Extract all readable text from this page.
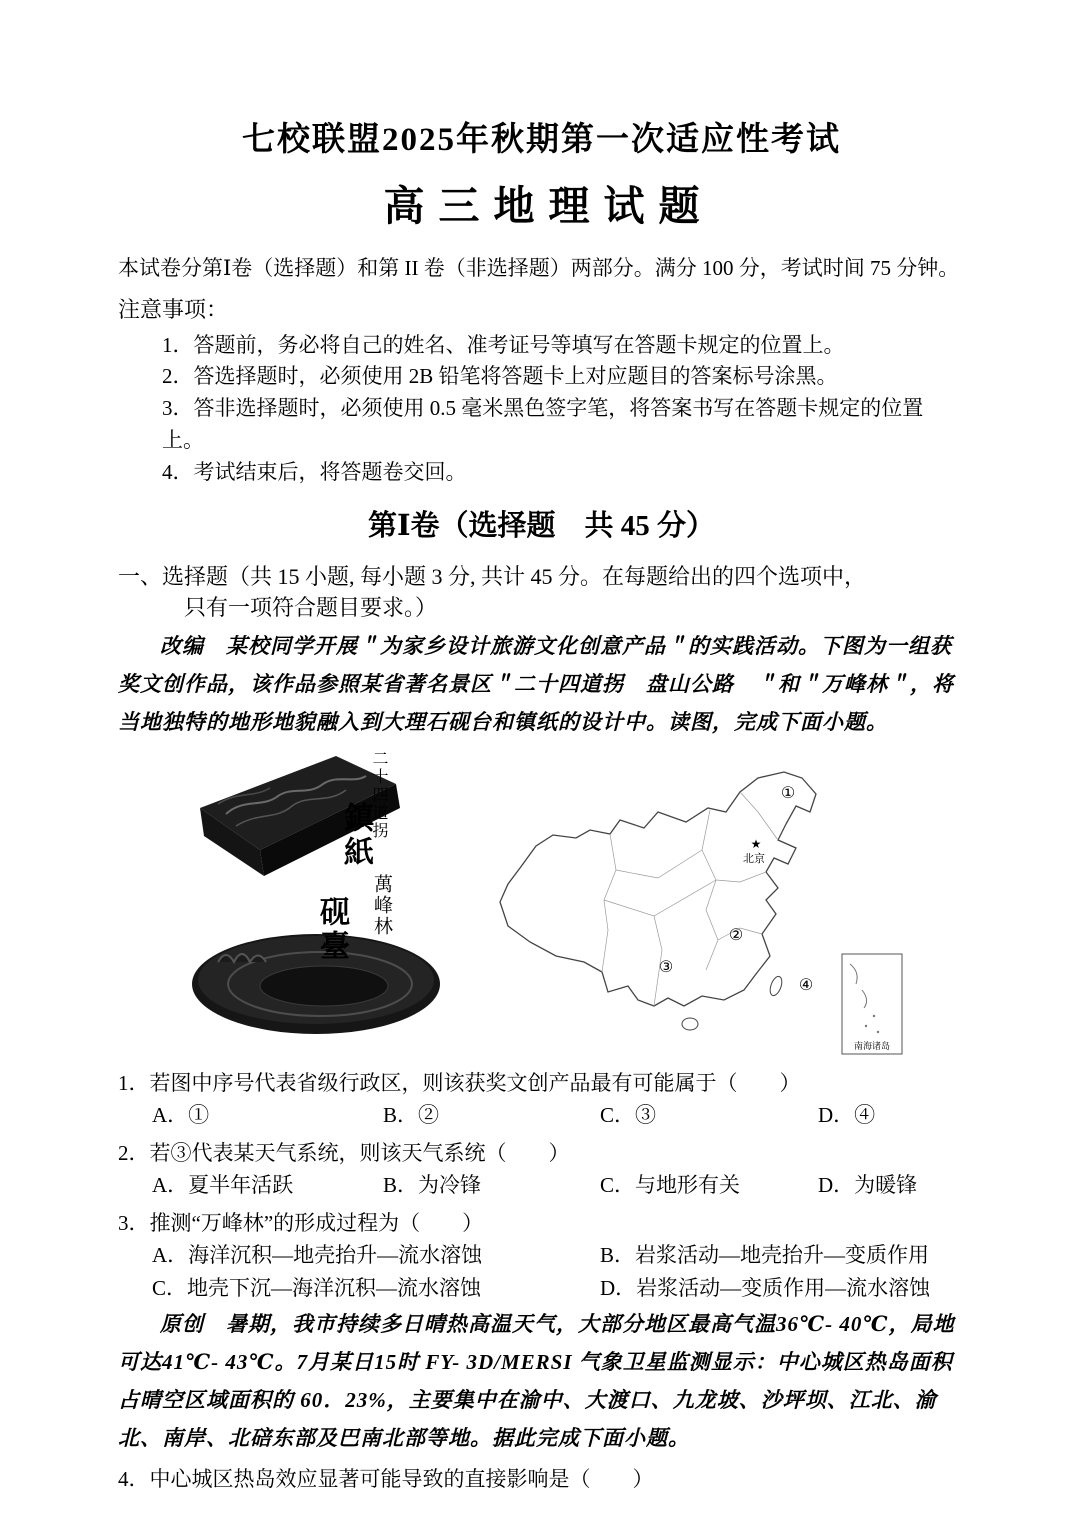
七校联盟2025年秋期第一次适应性考试
高三地理试题

本试卷分第Ⅰ卷（选择题）和第 II 卷（非选择题）两部分。满分 100 分，考试时间 75 分钟。

注意事项：
1．答题前，务必将自己的姓名、准考证号等填写在答题卡规定的位置上。
2．答选择题时，必须使用 2B 铅笔将答题卡上对应题目的答案标号涂黑。
3．答非选择题时，必须使用 0.5 毫米黑色签字笔，将答案书写在答题卡规定的位置上。
4．考试结束后，将答题卷交回。
第Ⅰ卷（选择题　共 45 分）
一、选择题（共 15 小题, 每小题 3 分, 共计 45 分。在每题给出的四个选项中，
只有一项符合题目要求。）

改编　某校同学开展＂为家乡设计旅游文化创意产品＂的实践活动。下图为一组获奖文创作品，该作品参照某省著名景区＂二十四道拐　盘山公路　＂和＂万峰林＂，将当地独特的地形地貌融入到大理石砚台和镇纸的设计中。读图，完成下面小题。

二十四道拐
鎮紙
萬峰林
砚臺
南海诸岛
★
北京
①
②
③
④
1．若图中序号代表省级行政区，则该获奖文创产品最有可能属于（　　）
A．①	B．②	C．③	D．④
2．若③代表某天气系统，则该天气系统（　　）
A．夏半年活跃	B．为冷锋	C．与地形有关	D．为暖锋
3．推测“万峰林”的形成过程为（　　）
A．海洋沉积—地壳抬升—流水溶蚀	B．岩浆活动—地壳抬升—变质作用
C．地壳下沉—海洋沉积—流水溶蚀	D．岩浆活动—变质作用—流水溶蚀

原创　暑期，我市持续多日晴热高温天气，大部分地区最高气温36℃- 40℃，局地可达41℃- 43℃。7月某日15时 FY- 3D/MERSI 气象卫星监测显示：中心城区热岛面积占晴空区域面积的 60．23%，主要集中在渝中、大渡口、九龙坡、沙坪坝、江北、渝北、南岸、北碚东部及巴南北部等地。据此完成下面小题。

4．中心城区热岛效应显著可能导致的直接影响是（　　）
